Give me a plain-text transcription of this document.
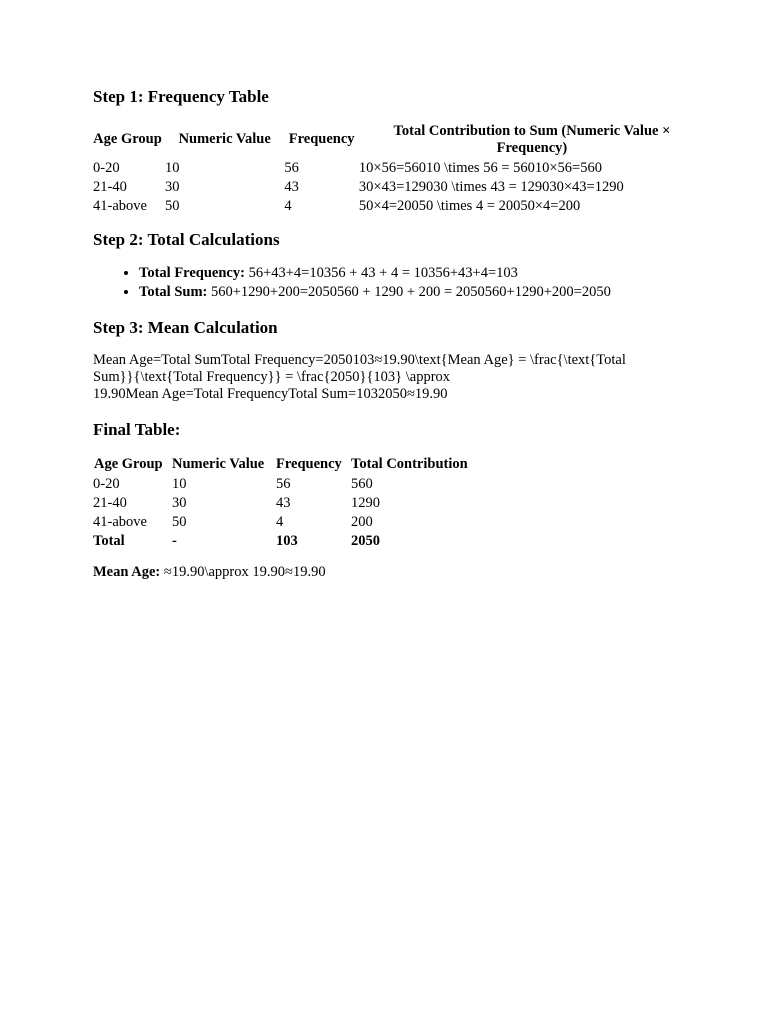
Step 1: Frequency Table
Age Group	Numeric Value	Frequency	Total Contribution to Sum (Numeric Value × Frequency)
0-20	10	56	10×56=56010 \times 56 = 56010×56=560
21-40	30	43	30×43=129030 \times 43 = 129030×43=1290
41-above	50	4	50×4=20050 \times 4 = 20050×4=200
Step 2: Total Calculations
• Total Frequency: 56+43+4=10356 + 43 + 4 = 10356+43+4=103
• Total Sum: 560+1290+200=2050560 + 1290 + 200 = 2050560+1290+200=2050
Step 3: Mean Calculation

Mean Age=Total SumTotal Frequency=2050103≈19.90\text{Mean Age} = \frac{\text{Total
Sum}}{\text{Total Frequency}} = \frac{2050}{103} \approx
19.90Mean Age=Total FrequencyTotal Sum=1032050≈19.90

Final Table:
Age Group	Numeric Value	Frequency	Total Contribution
0-20	10	56	560
21-40	30	43	1290
41-above	50	4	200
Total	-	103	2050

Mean Age: ≈19.90\approx 19.90≈19.90
